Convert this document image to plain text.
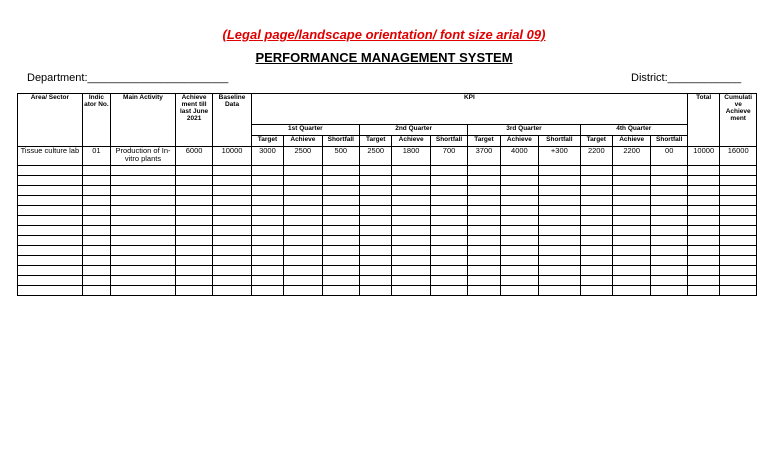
(Legal page/landscape orientation/ font size arial 09)
PERFORMANCE MANAGEMENT SYSTEM
Department:_______________________	District:____________
Area/ Sector	Indic ator No.	Main Activity	Achieve ment till last June 2021	Baseline Data	KPI												Total	Cumulati ve Achieve ment
					1st Quarter			2nd Quarter			3rd Quarter			4th Quarter				
					Target	Achieve	Shortfall	Target	Achieve	Shortfall	Target	Achieve	Shortfall	Target	Achieve	Shortfall		
Tissue culture lab	01	Production of In-vitro plants	6000	10000	3000	2500	500	2500	1800	700	3700	4000	+300	2200	2200	00	10000	16000
